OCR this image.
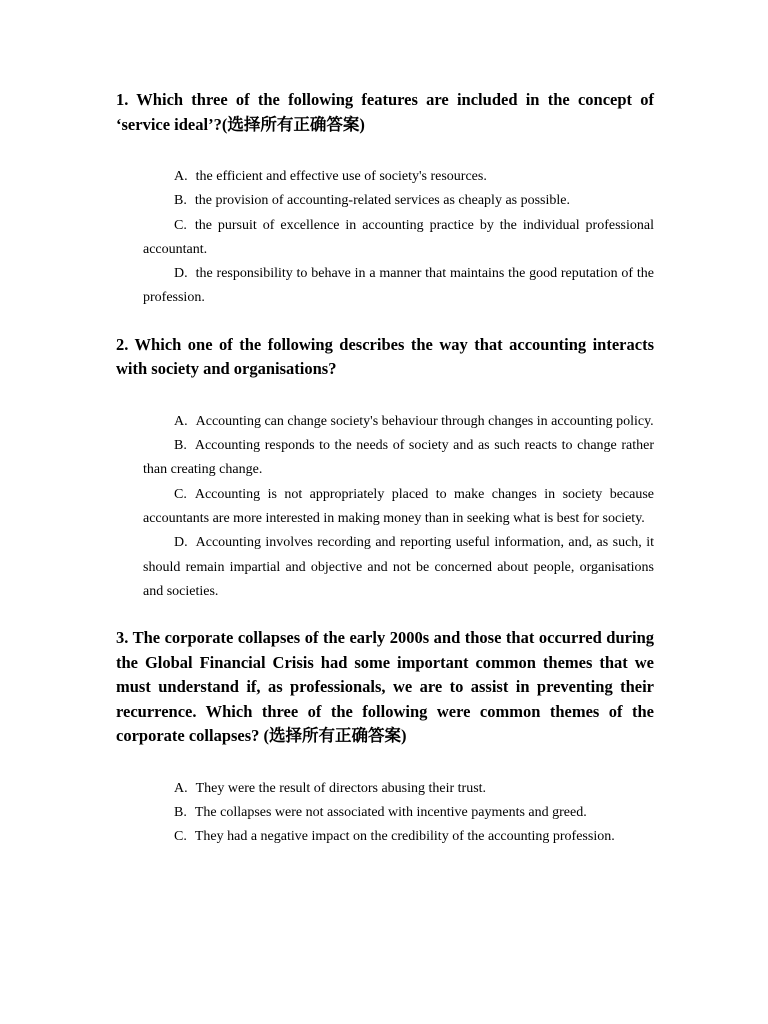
1. Which three of the following features are included in the concept of ‘service ideal’?(选择所有正确答案)

A. the efficient and effective use of society's resources.

B. the provision of accounting-related services as cheaply as possible.

C. the pursuit of excellence in accounting practice by the individual professional accountant.

D. the responsibility to behave in a manner that maintains the good reputation of the profession.

2. Which one of the following describes the way that accounting interacts with society and organisations?

A. Accounting can change society's behaviour through changes in accounting policy.

B. Accounting responds to the needs of society and as such reacts to change rather than creating change.

C. Accounting is not appropriately placed to make changes in society because accountants are more interested in making money than in seeking what is best for society.

D. Accounting involves recording and reporting useful information, and, as such, it should remain impartial and objective and not be concerned about people, organisations and societies.

3. The corporate collapses of the early 2000s and those that occurred during the Global Financial Crisis had some important common themes that we must understand if, as professionals, we are to assist in preventing their recurrence. Which three of the following were common themes of the corporate collapses? (选择所有正确答案)

A. They were the result of directors abusing their trust.

B. The collapses were not associated with incentive payments and greed.

C. They had a negative impact on the credibility of the accounting profession.
